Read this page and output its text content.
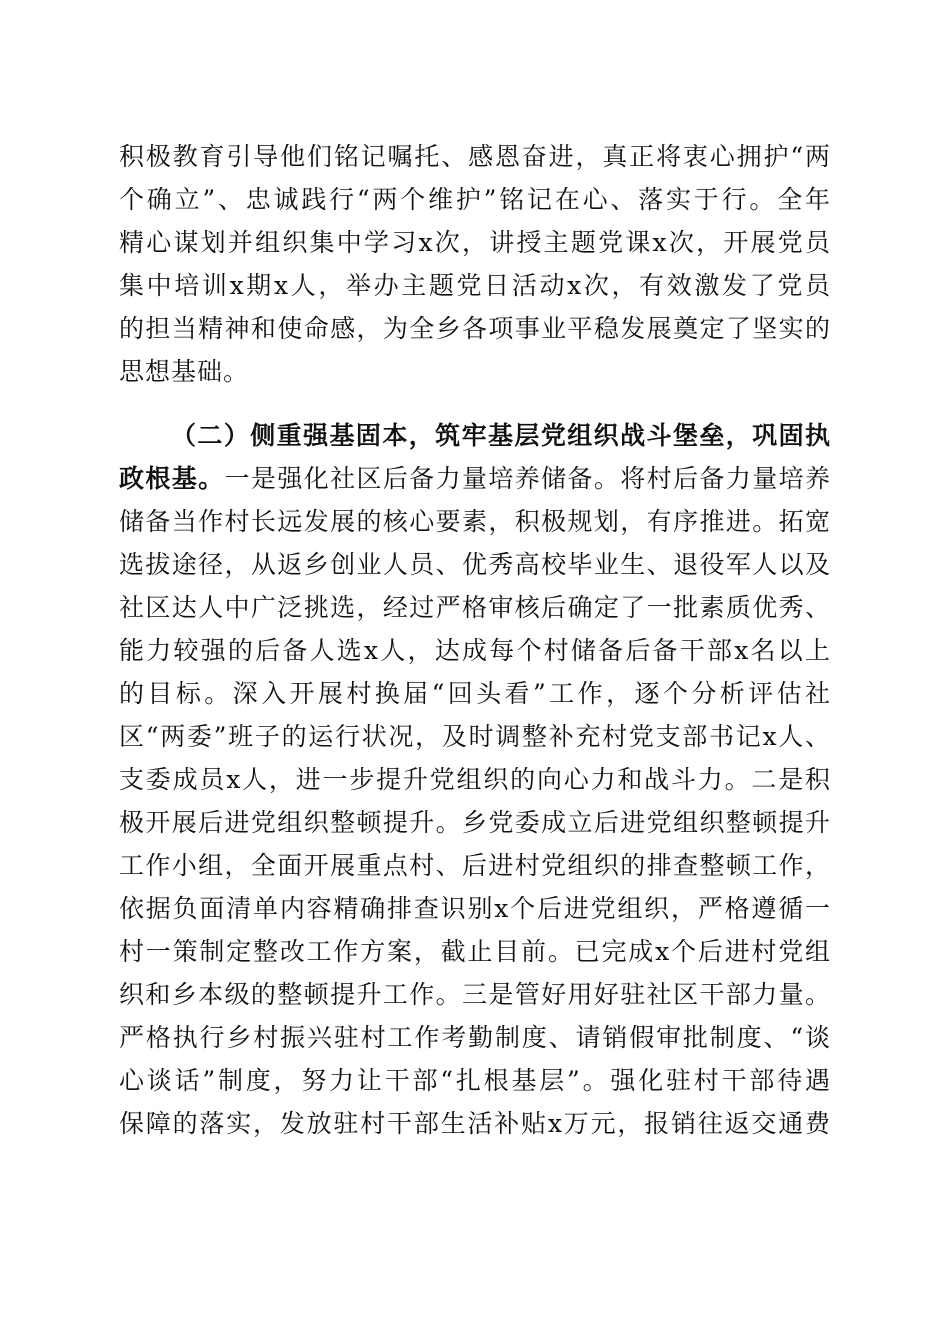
积极教育引导他们铭记嘱托、感恩奋进，真正将衷心拥护“两
个确立”、忠诚践行“两个维护”铭记在心、落实于行。全年
精心谋划并组织集中学习x次，讲授主题党课x次，开展党员
集中培训x期x人，举办主题党日活动x次，有效激发了党员
的担当精神和使命感，为全乡各项事业平稳发展奠定了坚实的
思想基础。
（二）侧重强基固本，筑牢基层党组织战斗堡垒，巩固执
政根基。一是强化社区后备力量培养储备。将村后备力量培养
储备当作村长远发展的核心要素，积极规划，有序推进。拓宽
选拔途径，从返乡创业人员、优秀高校毕业生、退役军人以及
社区达人中广泛挑选，经过严格审核后确定了一批素质优秀、
能力较强的后备人选x人，达成每个村储备后备干部x名以上
的目标。深入开展村换届“回头看”工作，逐个分析评估社
区“两委”班子的运行状况，及时调整补充村党支部书记x人、
支委成员x人，进一步提升党组织的向心力和战斗力。二是积
极开展后进党组织整顿提升。乡党委成立后进党组织整顿提升
工作小组，全面开展重点村、后进村党组织的排查整顿工作，
依据负面清单内容精确排查识别x个后进党组织，严格遵循一
村一策制定整改工作方案，截止目前。已完成x个后进村党组
织和乡本级的整顿提升工作。三是管好用好驻社区干部力量。
严格执行乡村振兴驻村工作考勤制度、请销假审批制度、“谈
心谈话”制度，努力让干部“扎根基层”。强化驻村干部待遇
保障的落实，发放驻村干部生活补贴x万元，报销往返交通费
